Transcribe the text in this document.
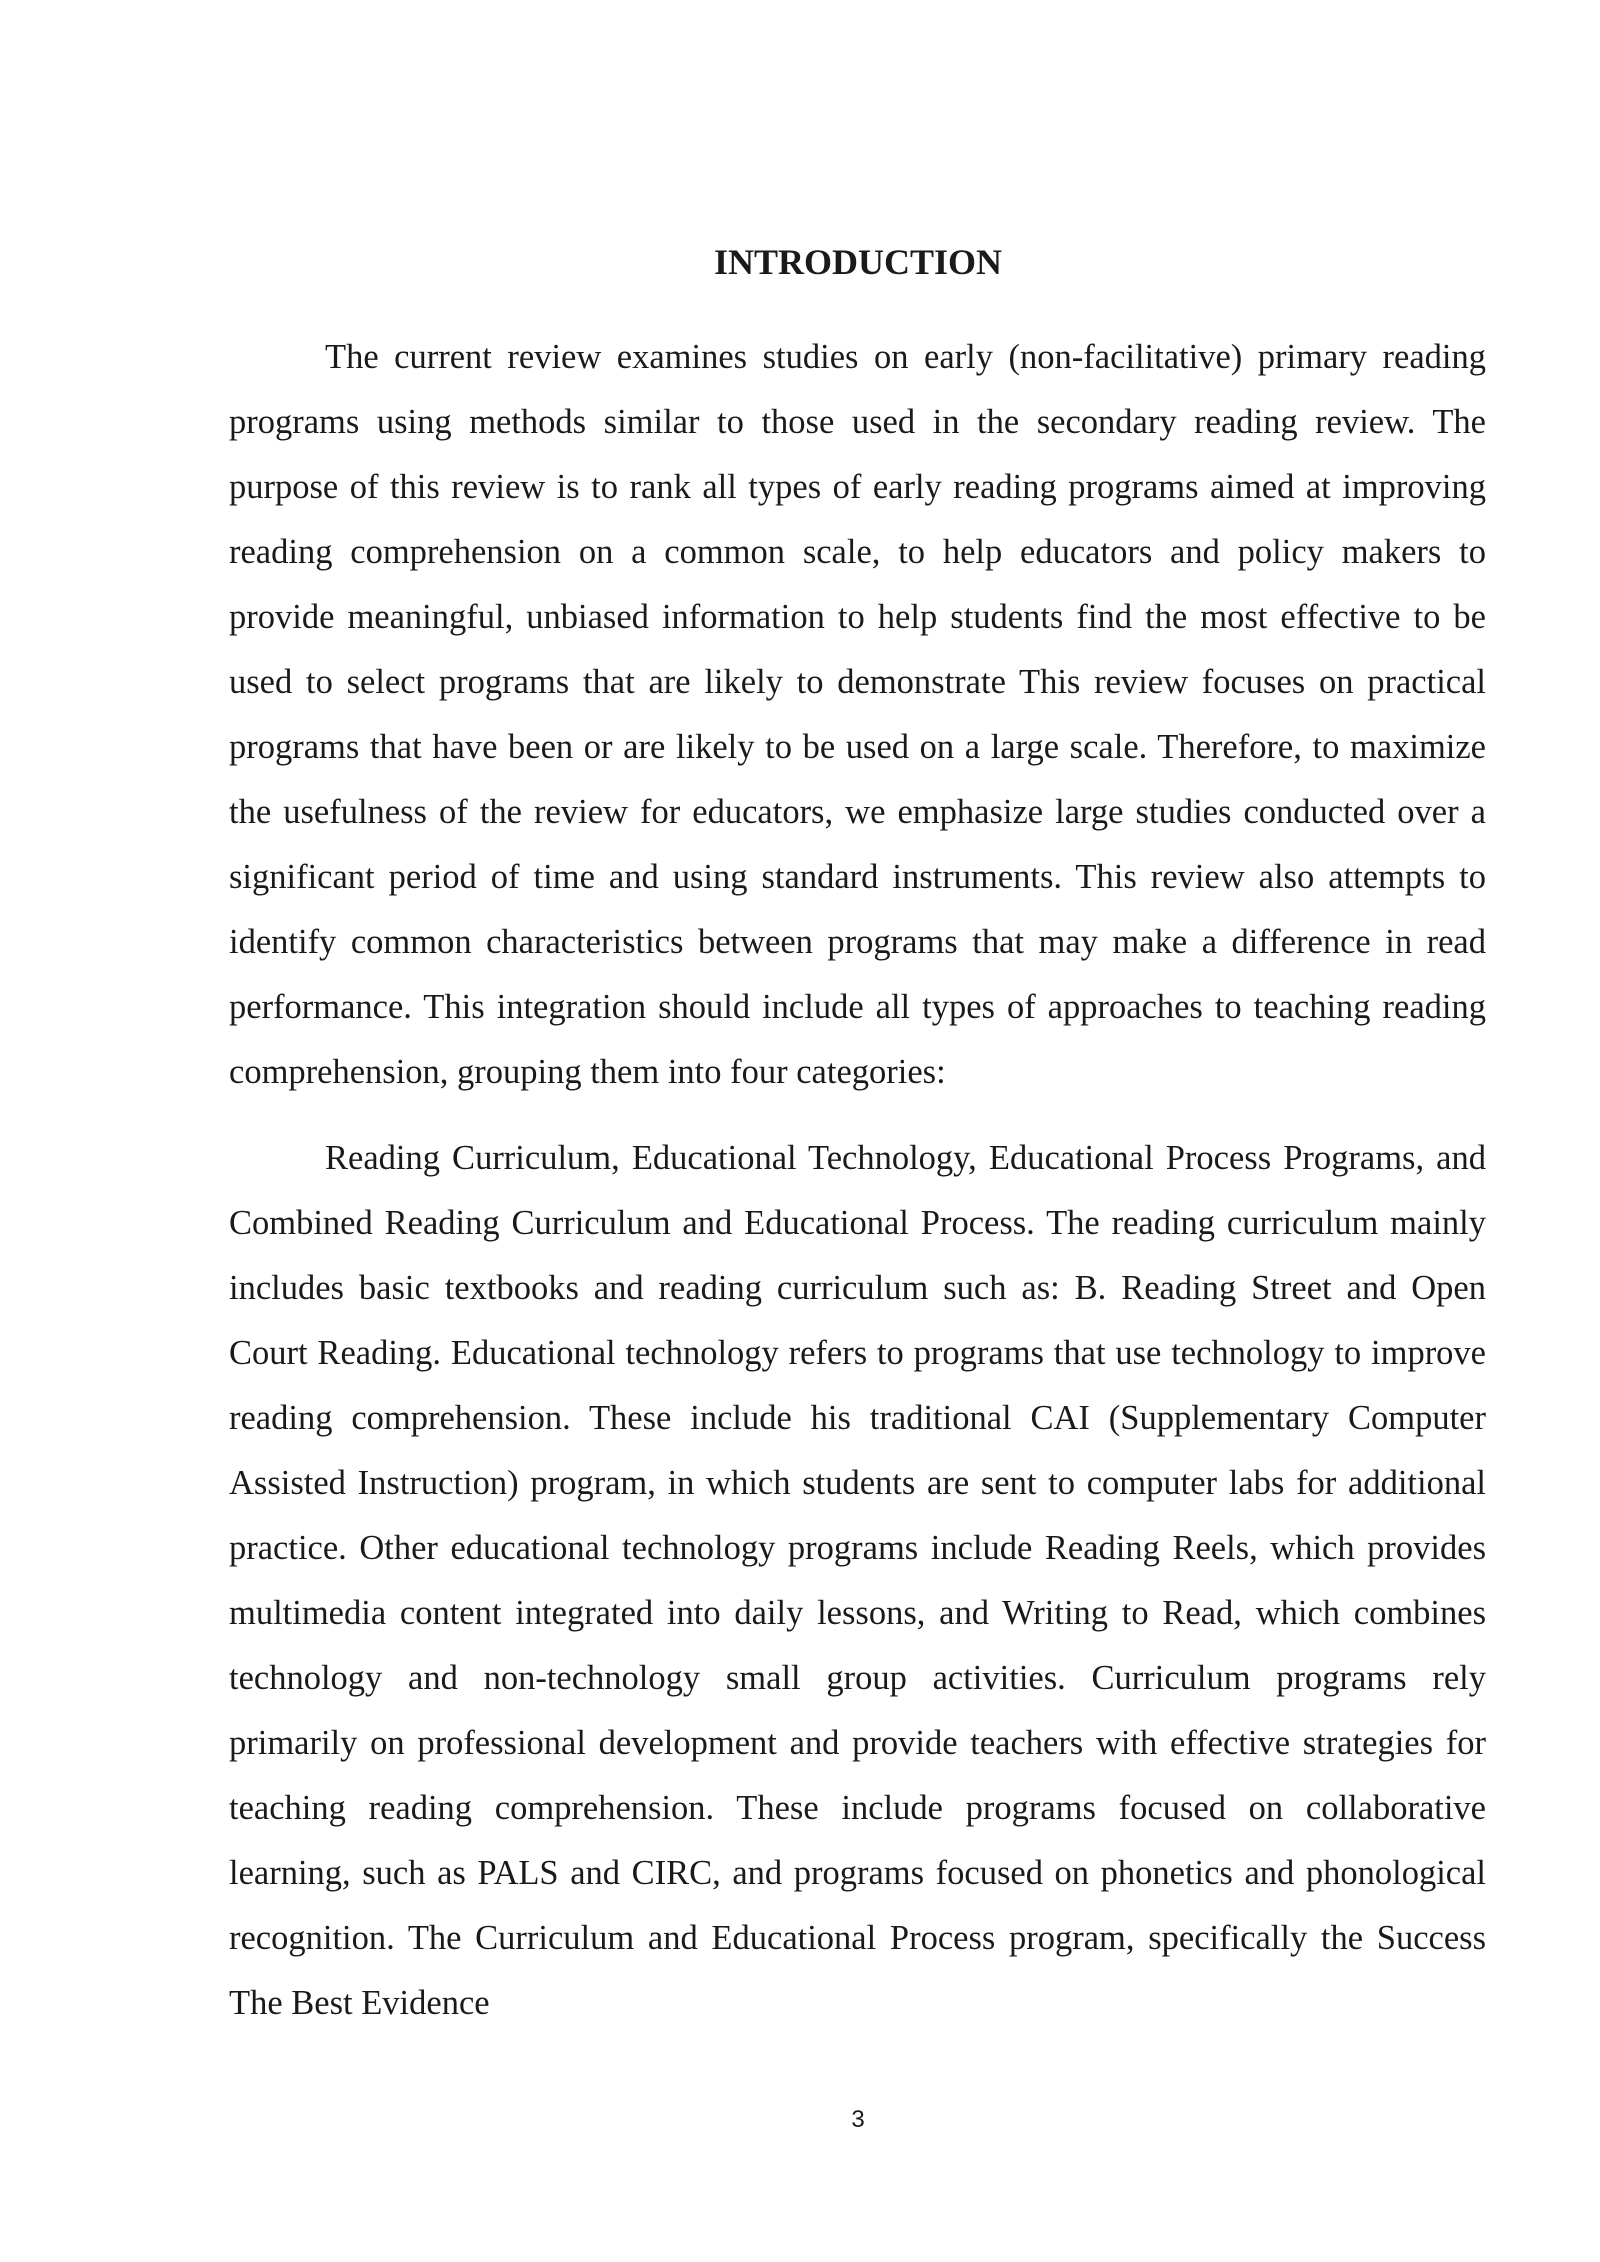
INTRODUCTION

The current review examines studies on early (non-facilitative) primary reading programs using methods similar to those used in the secondary reading review. The purpose of this review is to rank all types of early reading programs aimed at improving reading comprehension on a common scale, to help educators and policy makers to provide meaningful, unbiased information to help students find the most effective to be used to select programs that are likely to demonstrate This review focuses on practical programs that have been or are likely to be used on a large scale. Therefore, to maximize the usefulness of the review for educators, we emphasize large studies conducted over a significant period of time and using standard instruments. This review also attempts to identify common characteristics between programs that may make a difference in read performance. This integration should include all types of approaches to teaching reading comprehension, grouping them into four categories:

Reading Curriculum, Educational Technology, Educational Process Programs, and Combined Reading Curriculum and Educational Process. The reading curriculum mainly includes basic textbooks and reading curriculum such as: B. Reading Street and Open Court Reading. Educational technology refers to programs that use technology to improve reading comprehension. These include his traditional CAI (Supplementary Computer Assisted Instruction) program, in which students are sent to computer labs for additional practice. Other educational technology programs include Reading Reels, which provides multimedia content integrated into daily lessons, and Writing to Read, which combines technology and non-technology small group activities. Curriculum programs rely primarily on professional development and provide teachers with effective strategies for teaching reading comprehension. These include programs focused on collaborative learning, such as PALS and CIRC, and programs focused on phonetics and phonological recognition. The Curriculum and Educational Process program, specifically the Success The Best Evidence

3
